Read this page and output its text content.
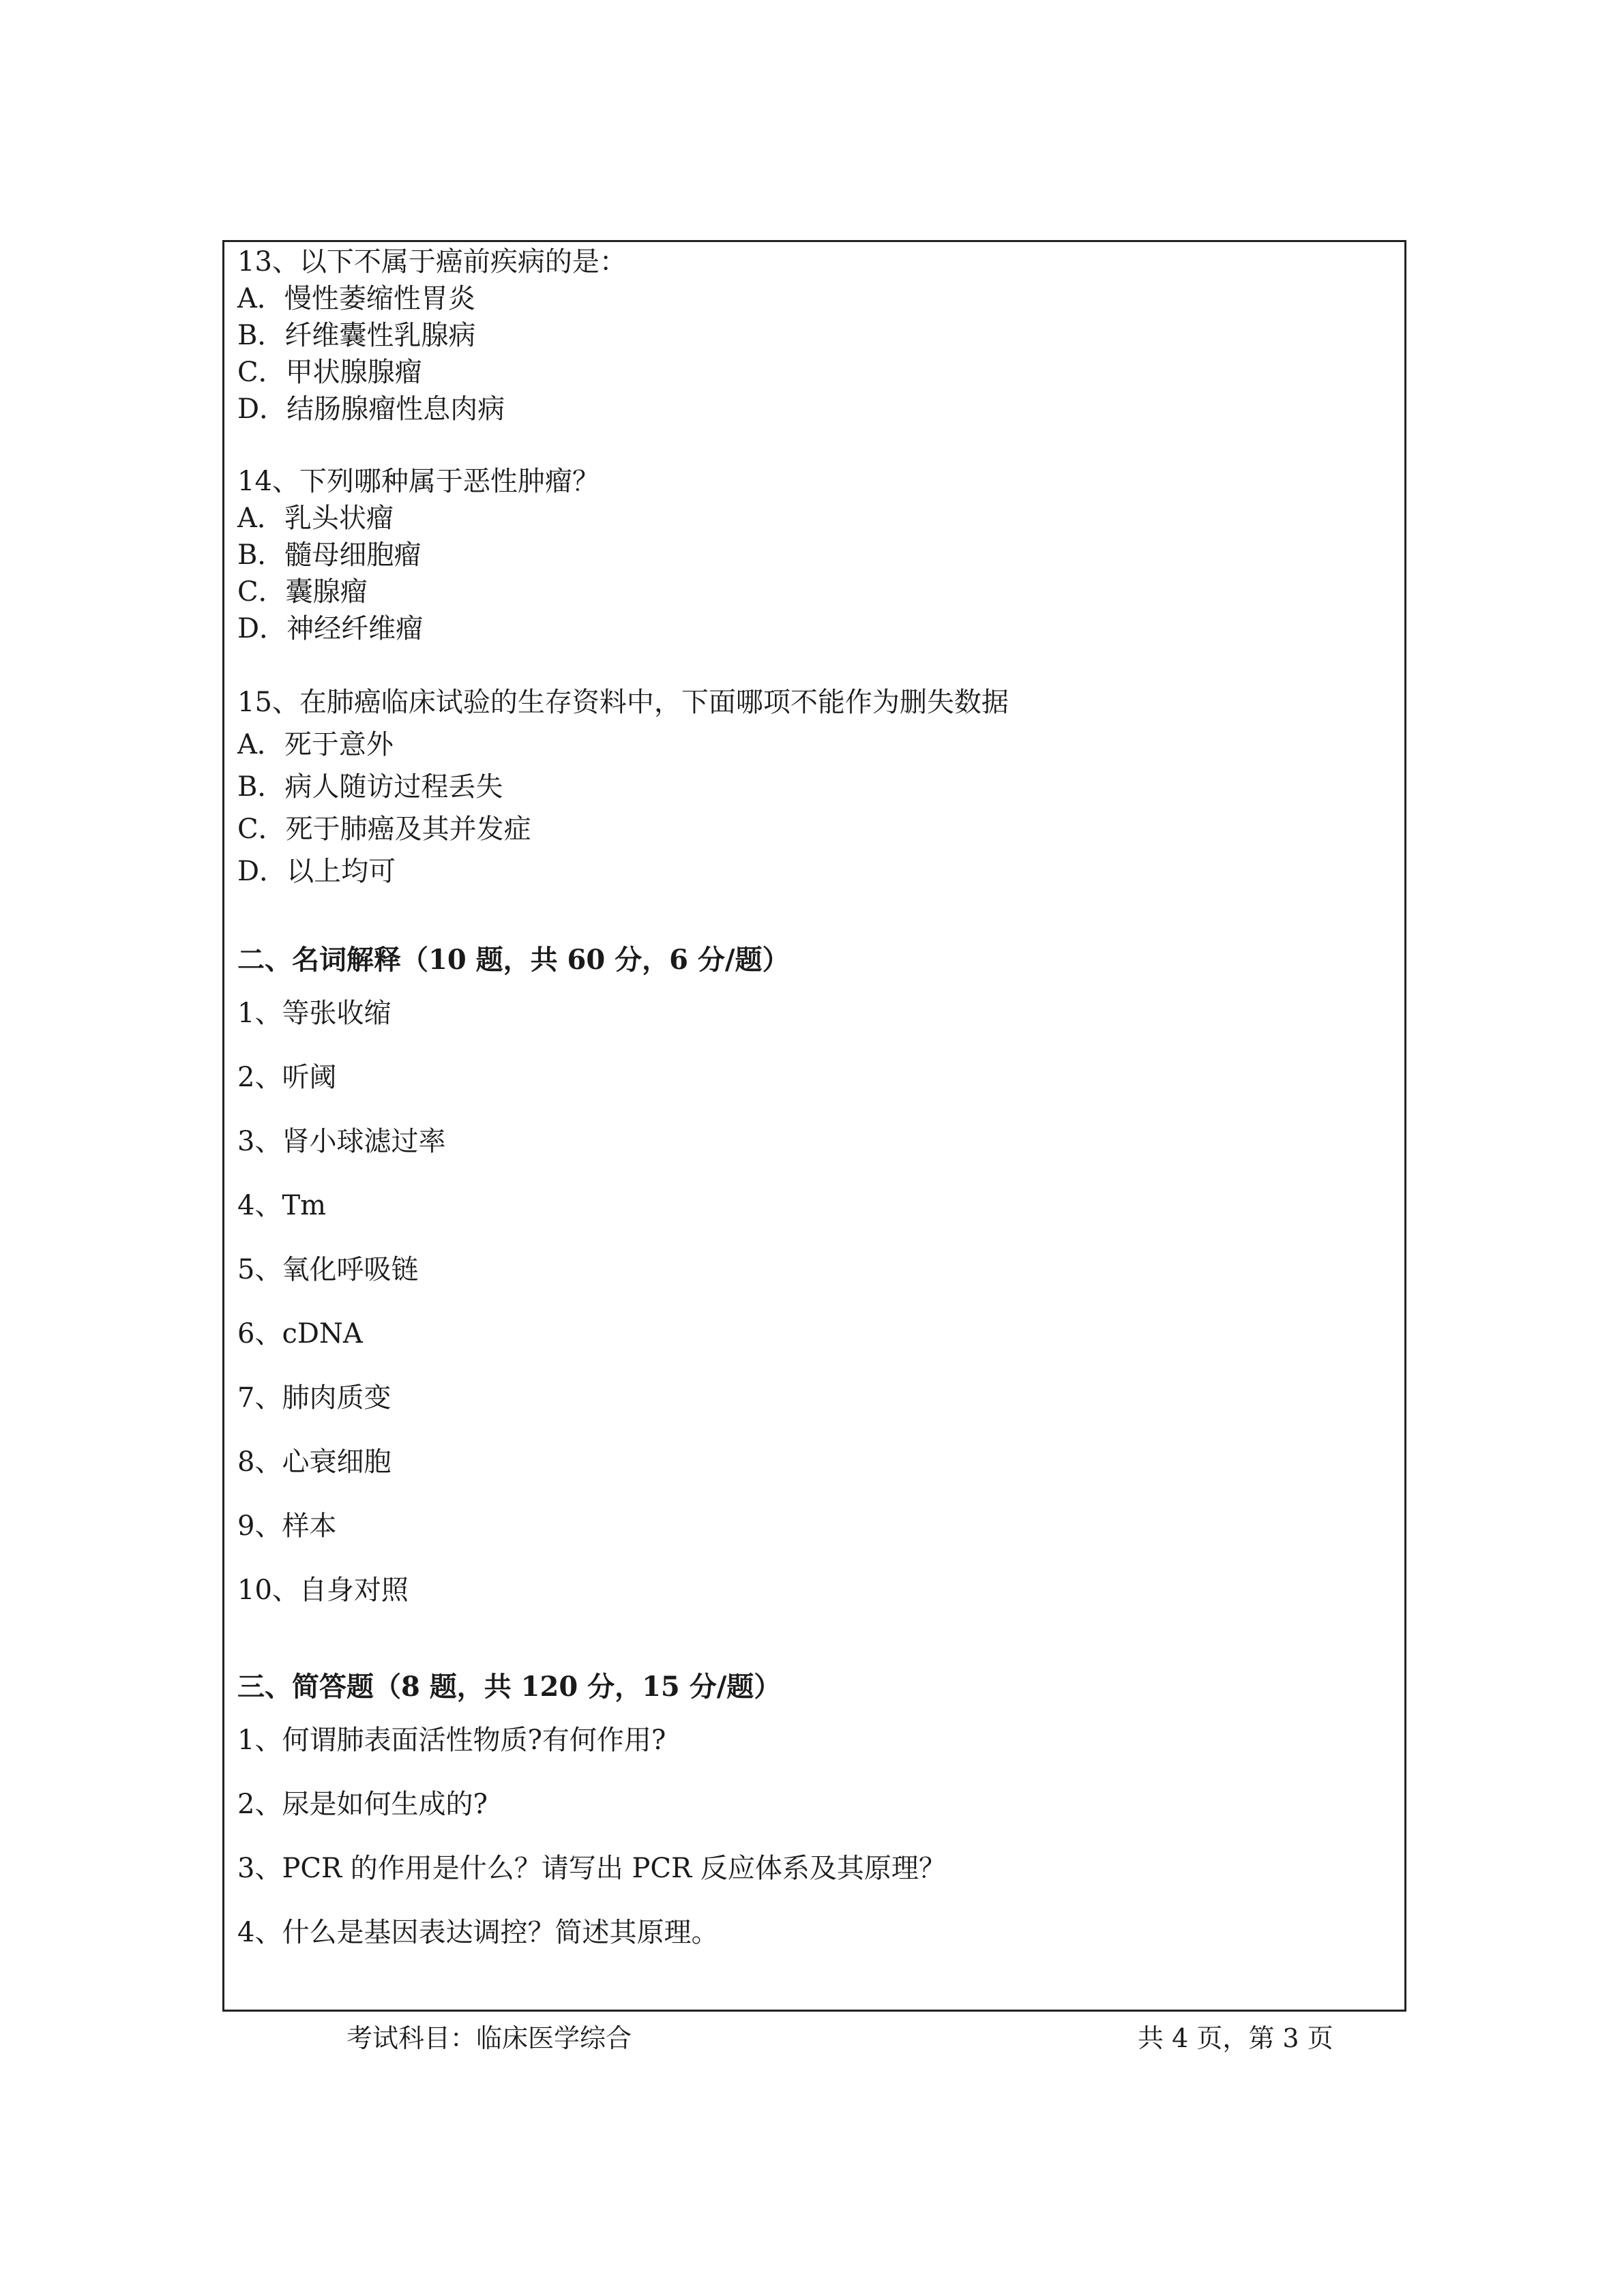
13、以下不属于癌前疾病的是：
A．慢性萎缩性胃炎
B．纤维囊性乳腺病
C．甲状腺腺瘤
D．结肠腺瘤性息肉病
14、下列哪种属于恶性肿瘤？
A．乳头状瘤
B．髓母细胞瘤
C．囊腺瘤
D．神经纤维瘤
15、在肺癌临床试验的生存资料中，下面哪项不能作为删失数据
A．死于意外
B．病人随访过程丢失
C．死于肺癌及其并发症
D．以上均可
二、名词解释（10 题，共 60 分，6 分/题）
1、等张收缩
2、听阈
3、肾小球滤过率
4、Tm
5、氧化呼吸链
6、cDNA
7、肺肉质变
8、心衰细胞
9、样本
10、自身对照
三、简答题（8 题，共 120 分，15 分/题）
1、何谓肺表面活性物质?有何作用?
2、尿是如何生成的?
3、PCR 的作用是什么？请写出 PCR 反应体系及其原理？
4、什么是基因表达调控？简述其原理。
考试科目：临床医学综合	共 4 页，第 3 页
